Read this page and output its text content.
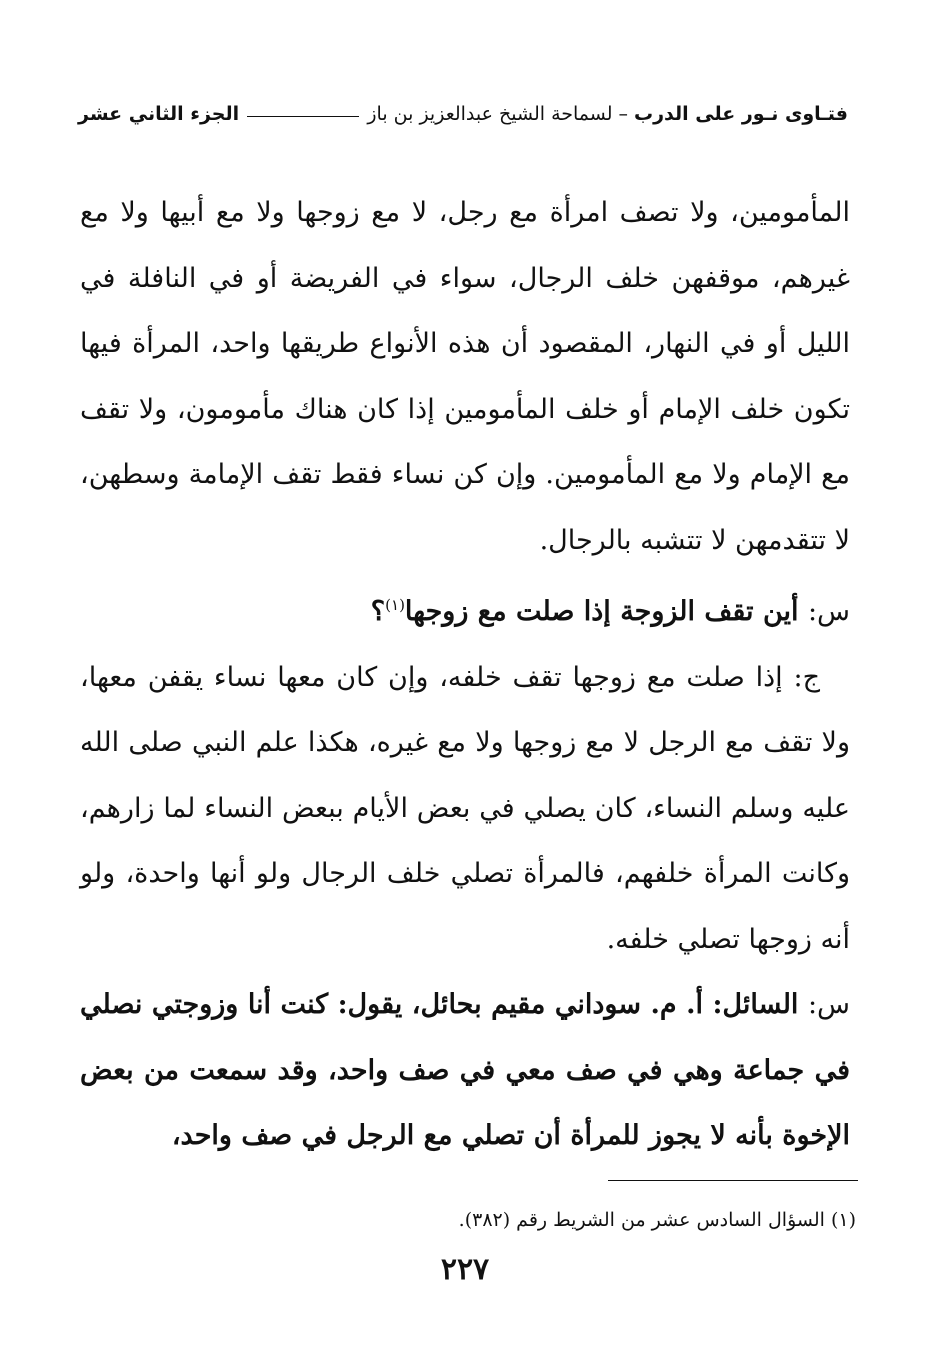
فتـاوى نـور على الدرب
–
لسماحة الشيخ عبدالعزيز بن باز
الجزء الثاني عشر

المأمومين، ولا تصف امرأة مع رجل، لا مع زوجها ولا مع أبيها ولا مع غيرهم، موقفهن خلف الرجال، سواء في الفريضة أو في النافلة في الليل أو في النهار، المقصود أن هذه الأنواع طريقها واحد، المرأة فيها تكون خلف الإمام أو خلف المأمومين إذا كان هناك مأمومون، ولا تقف مع الإمام ولا مع المأمومين. وإن كن نساء فقط تقف الإمامة وسطهن، لا تتقدمهن لا تتشبه بالرجال.

س: أين تقف الزوجة إذا صلت مع زوجها$^{(١)}$؟

ج: إذا صلت مع زوجها تقف خلفه، وإن كان معها نساء يقفن معها، ولا تقف مع الرجل لا مع زوجها ولا مع غيره، هكذا علم النبي صلى الله عليه وسلم النساء، كان يصلي في بعض الأيام ببعض النساء لما زارهم، وكانت المرأة خلفهم، فالمرأة تصلي خلف الرجال ولو أنها واحدة، ولو أنه زوجها تصلي خلفه.

س: السائل: أ. م. سوداني مقيم بحائل، يقول: كنت أنا وزوجتي نصلي في جماعة وهي في صف معي في صف واحد، وقد سمعت من بعض الإخوة بأنه لا يجوز للمرأة أن تصلي مع الرجل في صف واحد،

(١) السؤال السادس عشر من الشريط رقم (٣٨٢).
٢٢٧
